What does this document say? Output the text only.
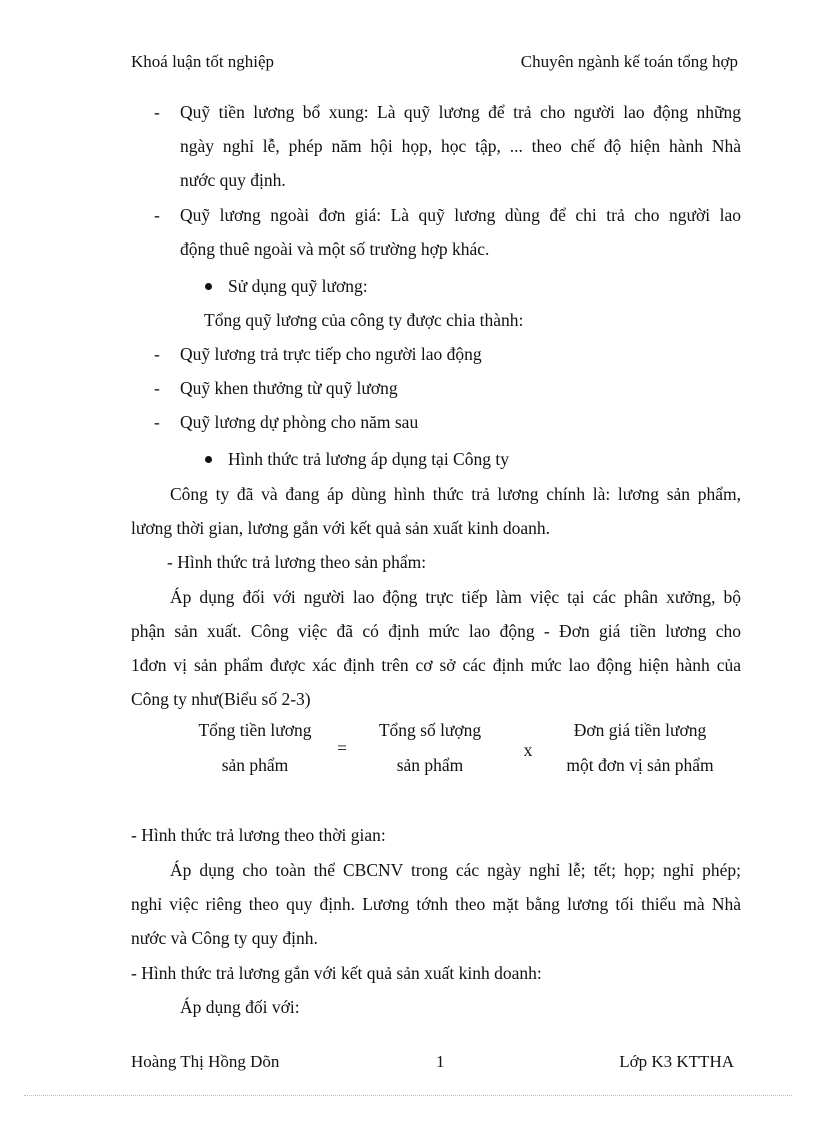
Khoá luận tốt nghiệp	Chuyên ngành kế toán tổng hợp
- Quỹ tiền lương bổ xung: Là quỹ lương để trả cho người lao động những
ngày nghỉ lễ, phép năm hội họp, học tập, ... theo chế độ hiện hành Nhà
nước quy định.
- Quỹ lương ngoài đơn giá: Là quỹ lương dùng để chi trả cho người lao
động thuê ngoài và một số trường hợp khác.
Sử dụng quỹ lương:
Tổng quỹ lương của công ty được chia thành:
- Quỹ lương trả trực tiếp cho người lao động
- Quỹ khen thưởng từ quỹ lương
- Quỹ lương dự phòng cho năm sau
Hình thức trả lương áp dụng tại Công ty
Công ty đã và đang áp dùng hình thức trả lương chính là: lương sản phẩm,
lương thời gian, lương gắn với kết quả sản xuất kinh doanh.
- Hình thức trả lương theo sản phẩm:
Áp dụng đối với người lao động trực tiếp làm việc tại các phân xưởng, bộ
phận sản xuất. Công việc đã có định mức lao động - Đơn giá tiền lương cho
1đơn vị sản phẩm được xác định trên cơ sở các định mức lao động hiện hành của
Công ty như(Biểu số 2-3)
Tổng tiền lương
sản phẩm
=
Tổng số lượng
sản phẩm
x
Đơn giá tiền lương
một đơn vị sản phẩm
- Hình thức trả lương theo thời gian:
Áp dụng cho toàn thể CBCNV trong các ngày nghỉ lễ; tết; họp; nghỉ phép;
nghỉ việc riêng theo quy định. Lương tớnh theo mặt bằng lương tối thiểu mà Nhà
nước và Công ty quy định.
- Hình thức trả lương gắn với kết quả sản xuất kinh doanh:
Áp dụng đối với:
Hoàng Thị Hồng Dõn	1	Lớp K3 KTTHA
